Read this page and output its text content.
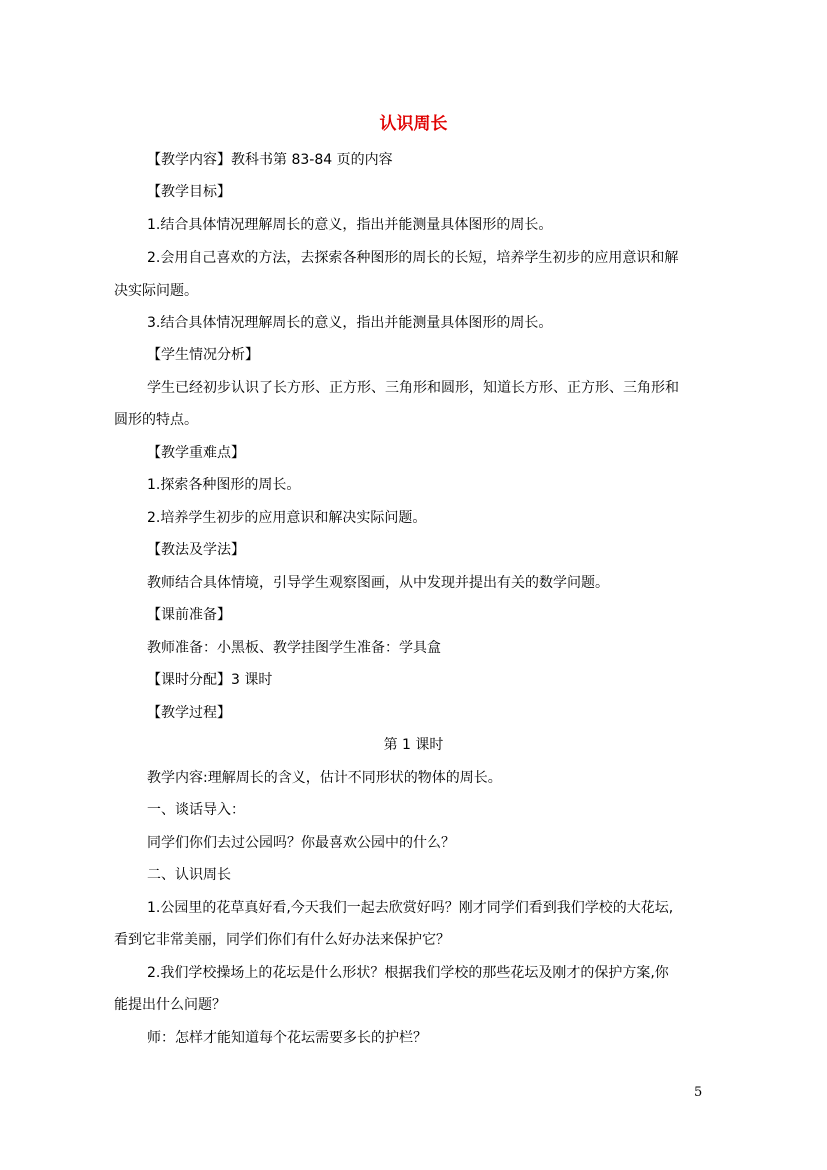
认识周长
【教学内容】教科书第 83-84 页的内容
【教学目标】
1.结合具体情况理解周长的意义，指出并能测量具体图形的周长。
2.会用自己喜欢的方法，去探索各种图形的周长的长短，培养学生初步的应用意识和解
决实际问题。
3.结合具体情况理解周长的意义，指出并能测量具体图形的周长。
【学生情况分析】
学生已经初步认识了长方形、正方形、三角形和圆形，知道长方形、正方形、三角形和
圆形的特点。
【教学重难点】
1.探索各种图形的周长。
2.培养学生初步的应用意识和解决实际问题。
【教法及学法】
教师结合具体情境，引导学生观察图画，从中发现并提出有关的数学问题。
【课前准备】
教师准备：小黑板、教学挂图学生准备：学具盒
【课时分配】3 课时
【教学过程】
第 1 课时
教学内容:理解周长的含义，估计不同形状的物体的周长。
一、谈话导入：
同学们你们去过公园吗？你最喜欢公园中的什么？
二、认识周长
1.公园里的花草真好看,今天我们一起去欣赏好吗？刚才同学们看到我们学校的大花坛,
看到它非常美丽，同学们你们有什么好办法来保护它？
2.我们学校操场上的花坛是什么形状？根据我们学校的那些花坛及刚才的保护方案,你
能提出什么问题？
师：怎样才能知道每个花坛需要多长的护栏？
5
